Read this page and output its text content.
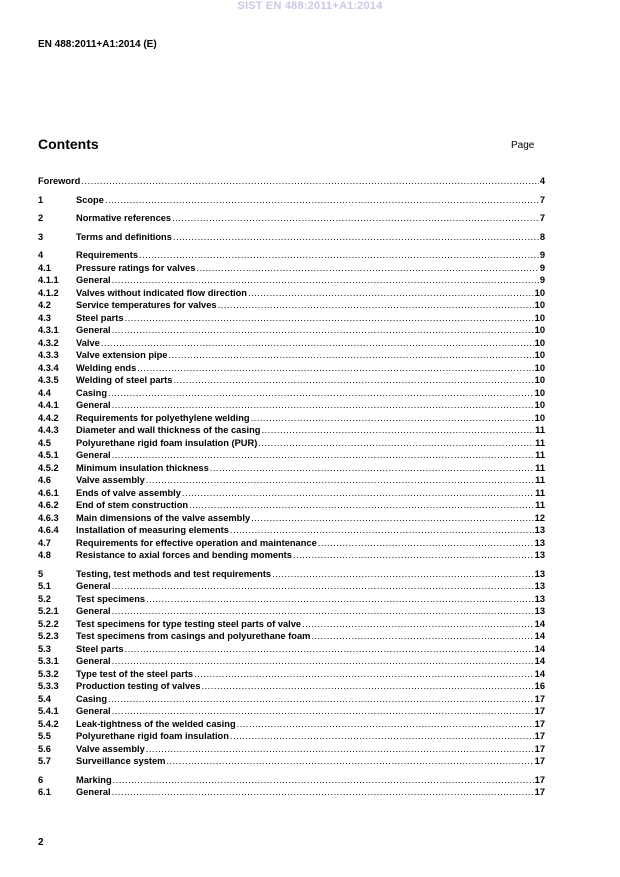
SIST EN 488:2011+A1:2014
EN 488:2011+A1:2014 (E)
Contents	Page
Foreword .....	4
1	Scope .....	7
2	Normative references .....	7
3	Terms and definitions .....	8
4	Requirements .....	9
4.1	Pressure ratings for valves .....	9
4.1.1	General .....	9
4.1.2	Valves without indicated flow direction .....	10
4.2	Service temperatures for valves .....	10
4.3	Steel parts .....	10
4.3.1	General .....	10
4.3.2	Valve .....	10
4.3.3	Valve extension pipe .....	10
4.3.4	Welding ends .....	10
4.3.5	Welding of steel parts .....	10
4.4	Casing .....	10
4.4.1	General .....	10
4.4.2	Requirements for polyethylene welding .....	10
4.4.3	Diameter and wall thickness of the casing .....	11
4.5	Polyurethane rigid foam insulation (PUR) .....	11
4.5.1	General .....	11
4.5.2	Minimum insulation thickness .....	11
4.6	Valve assembly .....	11
4.6.1	Ends of valve assembly .....	11
4.6.2	End of stem construction .....	11
4.6.3	Main dimensions of the valve assembly .....	12
4.6.4	Installation of measuring elements .....	13
4.7	Requirements for effective operation and maintenance .....	13
4.8	Resistance to axial forces and bending moments .....	13
5	Testing, test methods and test requirements .....	13
5.1	General .....	13
5.2	Test specimens .....	13
5.2.1	General .....	13
5.2.2	Test specimens for type testing steel parts of valve .....	14
5.2.3	Test specimens from casings and polyurethane foam .....	14
5.3	Steel parts .....	14
5.3.1	General .....	14
5.3.2	Type test of the steel parts .....	14
5.3.3	Production testing of valves .....	16
5.4	Casing .....	17
5.4.1	General .....	17
5.4.2	Leak-tightness of the welded casing .....	17
5.5	Polyurethane rigid foam insulation .....	17
5.6	Valve assembly .....	17
5.7	Surveillance system .....	17
6	Marking .....	17
6.1	General .....	17
2
